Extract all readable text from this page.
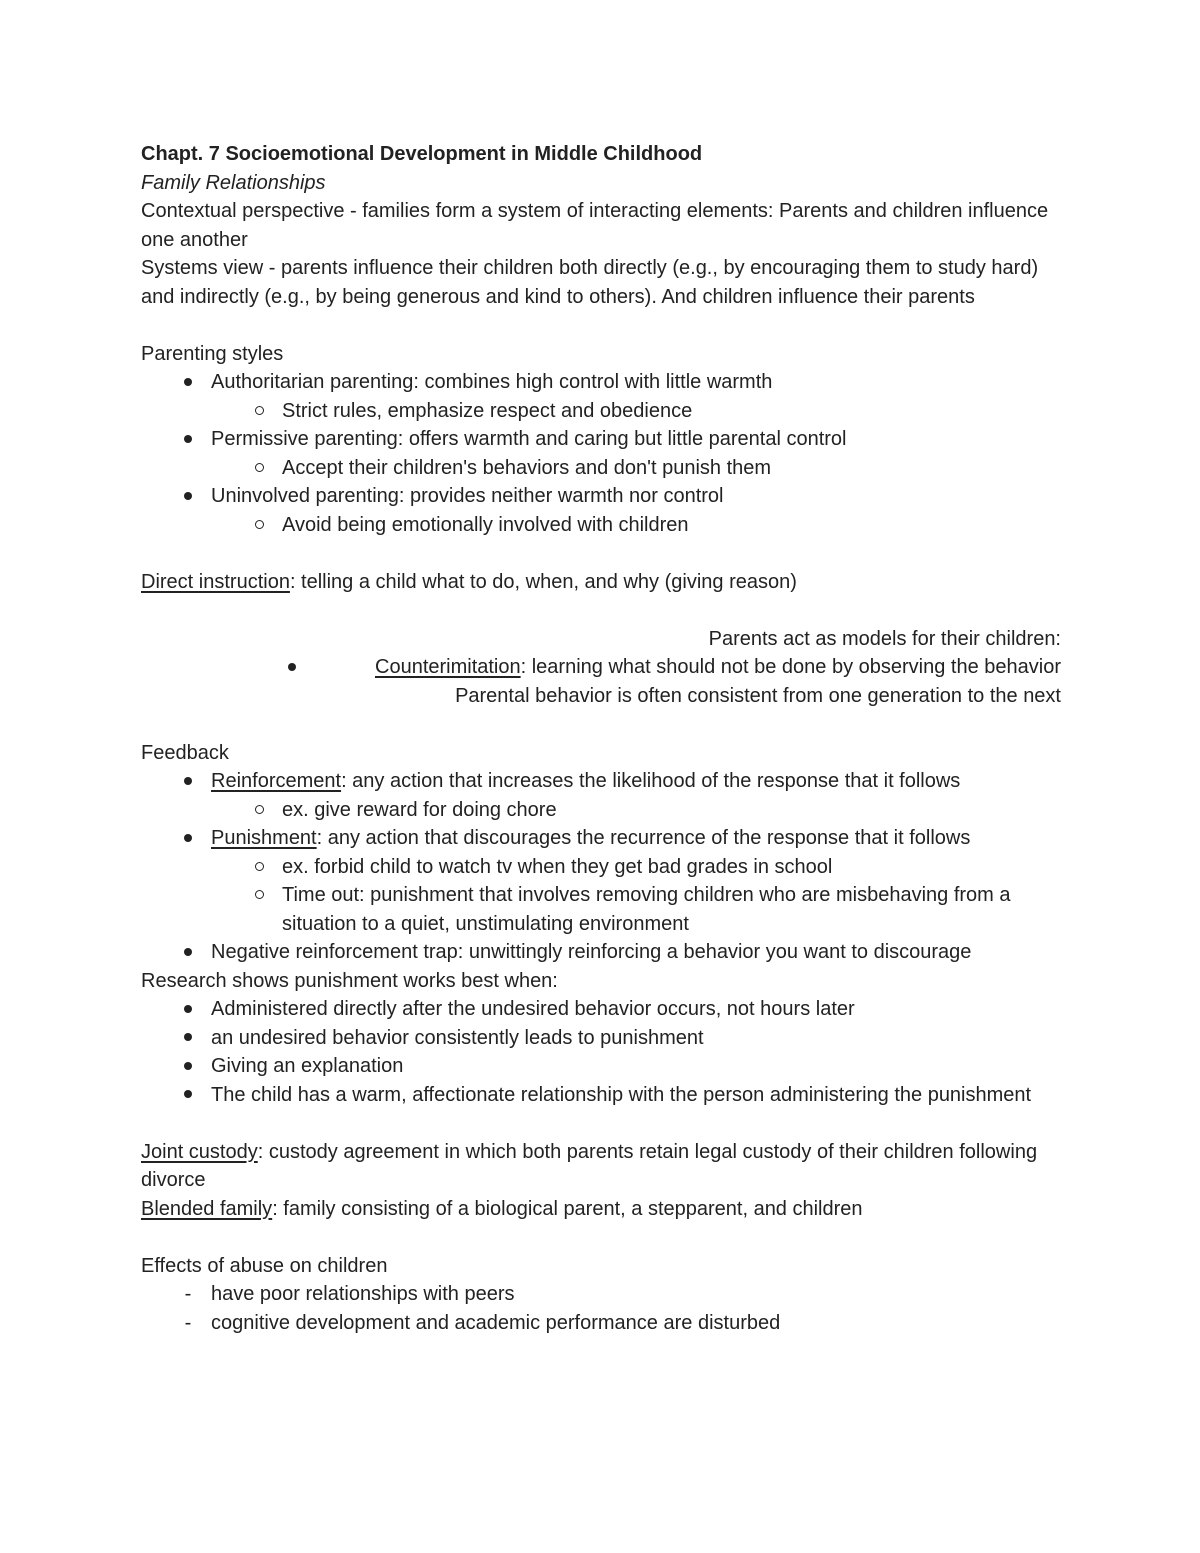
Chapt. 7 Socioemotional Development in Middle Childhood

Family Relationships

Contextual perspective - families form a system of interacting elements: Parents and children influence one another

Systems view - parents influence their children both directly (e.g., by encouraging them to study hard) and indirectly (e.g., by being generous and kind to others). And children influence their parents

Parenting styles

Authoritarian parenting: combines high control with little warmth
Strict rules, emphasize respect and obedience
Permissive parenting: offers warmth and caring but little parental control
Accept their children's behaviors and don't punish them
Uninvolved parenting: provides neither warmth nor control
Avoid being emotionally involved with children

Direct instruction: telling a child what to do, when, and why (giving reason)

Parents act as models for their children:

Counterimitation: learning what should not be done by observing the behavior

Parental behavior is often consistent from one generation to the next

Feedback

Reinforcement: any action that increases the likelihood of the response that it follows
ex. give reward for doing chore
Punishment: any action that discourages the recurrence of the response that it follows
ex. forbid child to watch tv when they get bad grades in school
Time out: punishment that involves removing children who are misbehaving from a situation to a quiet, unstimulating environment
Negative reinforcement trap: unwittingly reinforcing a behavior you want to discourage

Research shows punishment works best when:

Administered directly after the undesired behavior occurs, not hours later
an undesired behavior consistently leads to punishment
Giving an explanation
The child has a warm, affectionate relationship with the person administering the punishment

Joint custody: custody agreement in which both parents retain legal custody of their children following divorce

Blended family: family consisting of a biological parent, a stepparent, and children

Effects of abuse on children

- have poor relationships with peers
- cognitive development and academic performance are disturbed
